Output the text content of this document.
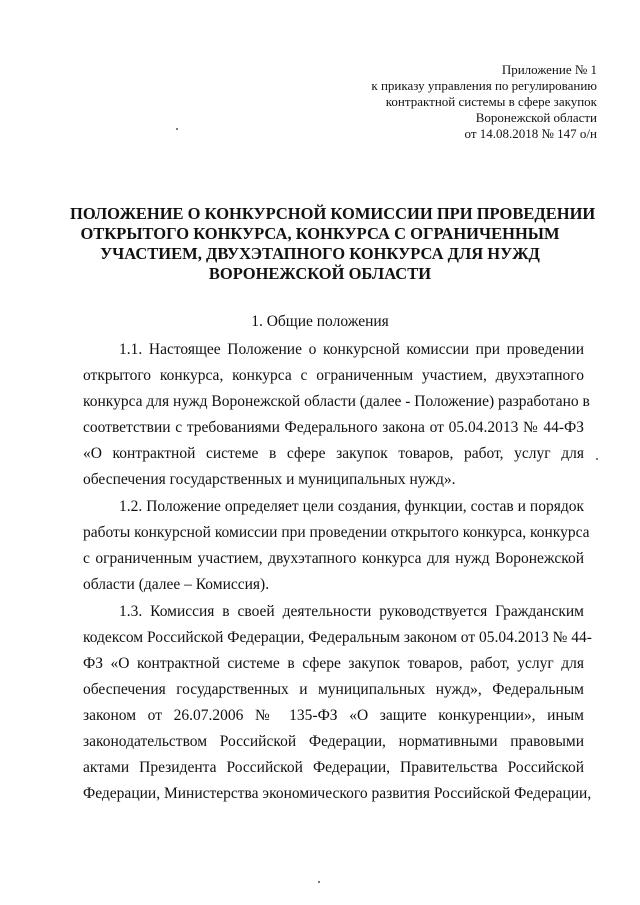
Приложение № 1
к приказу управления по регулированию
контрактной системы в сфере закупок
Воронежской области
от 14.08.2018 № 147 о/н
ПОЛОЖЕНИЕ О КОНКУРСНОЙ КОМИССИИ ПРИ ПРОВЕДЕНИИ
ОТКРЫТОГО КОНКУРСА, КОНКУРСА С ОГРАНИЧЕННЫМ
УЧАСТИЕМ, ДВУХЭТАПНОГО КОНКУРСА ДЛЯ НУЖД
ВОРОНЕЖСКОЙ ОБЛАСТИ
1. Общие положения
1.1. Настоящее Положение о конкурсной комиссии при проведении
открытого конкурса, конкурса с ограниченным участием, двухэтапного
конкурса для нужд Воронежской области (далее - Положение) разработано в
соответствии с требованиями Федерального закона от 05.04.2013 № 44-ФЗ
«О контрактной системе в сфере закупок товаров, работ, услуг для
обеспечения государственных и муниципальных нужд».
1.2. Положение определяет цели создания, функции, состав и порядок
работы конкурсной комиссии при проведении открытого конкурса, конкурса
с ограниченным участием, двухэтапного конкурса для нужд Воронежской
области (далее – Комиссия).
1.3. Комиссия в своей деятельности руководствуется Гражданским
кодексом Российской Федерации, Федеральным законом от 05.04.2013 № 44-
ФЗ «О контрактной системе в сфере закупок товаров, работ, услуг для
обеспечения государственных и муниципальных нужд», Федеральным
законом от 26.07.2006 № 135-ФЗ «О защите конкуренции», иным
законодательством Российской Федерации, нормативными правовыми
актами Президента Российской Федерации, Правительства Российской
Федерации, Министерства экономического развития Российской Федерации,
